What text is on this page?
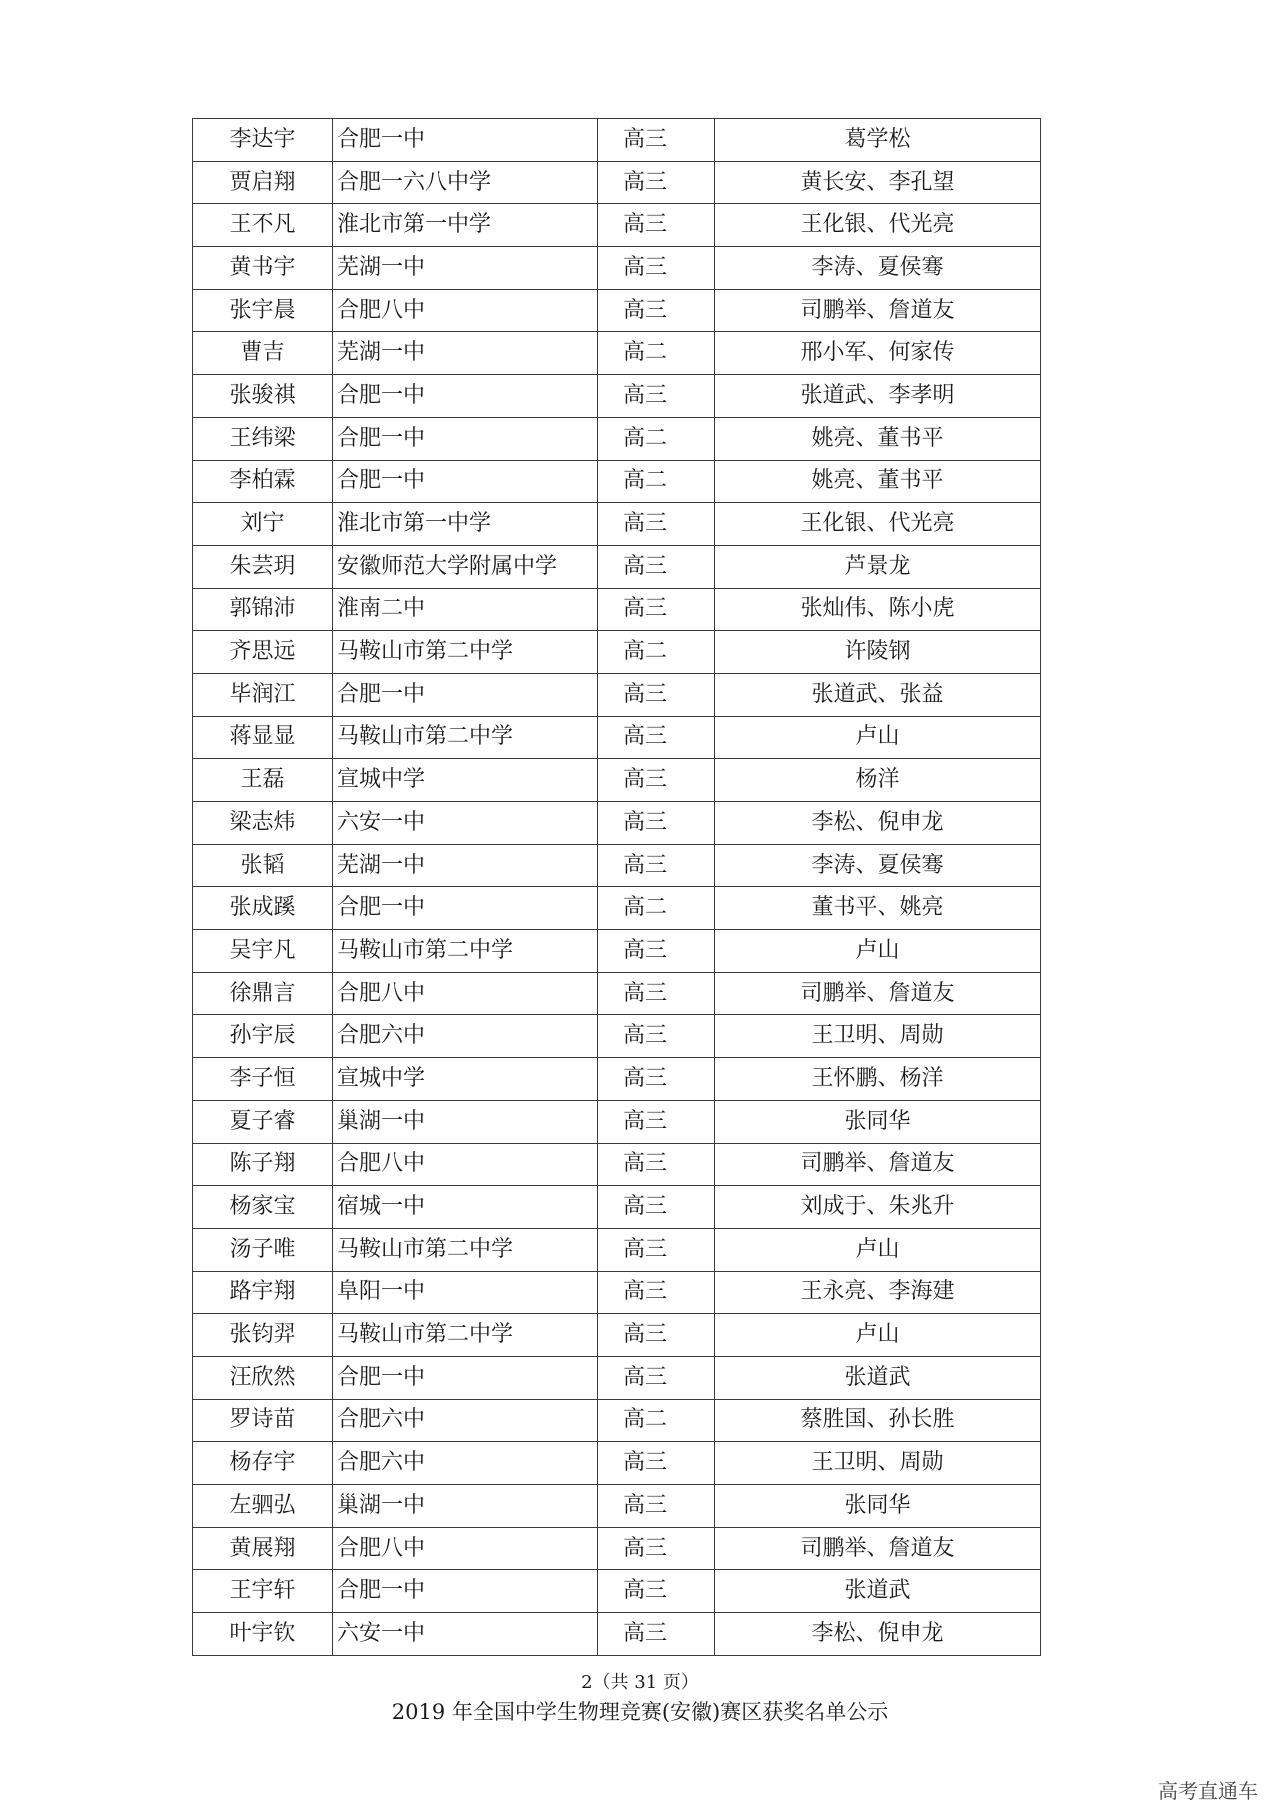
李达宇	合肥一中	高三	葛学松
贾启翔	合肥一六八中学	高三	黄长安、李孔望
王不凡	淮北市第一中学	高三	王化银、代光亮
黄书宇	芜湖一中	高三	李涛、夏侯骞
张宇晨	合肥八中	高三	司鹏举、詹道友
曹吉	芜湖一中	高二	邢小军、何家传
张骏祺	合肥一中	高三	张道武、李孝明
王纬梁	合肥一中	高二	姚亮、董书平
李柏霖	合肥一中	高二	姚亮、董书平
刘宁	淮北市第一中学	高三	王化银、代光亮
朱芸玥	安徽师范大学附属中学	高三	芦景龙
郭锦沛	淮南二中	高三	张灿伟、陈小虎
齐思远	马鞍山市第二中学	高二	许陵钢
毕润江	合肥一中	高三	张道武、张益
蒋显显	马鞍山市第二中学	高三	卢山
王磊	宣城中学	高三	杨洋
梁志炜	六安一中	高三	李松、倪申龙
张韬	芜湖一中	高三	李涛、夏侯骞
张成蹊	合肥一中	高二	董书平、姚亮
吴宇凡	马鞍山市第二中学	高三	卢山
徐鼎言	合肥八中	高三	司鹏举、詹道友
孙宇辰	合肥六中	高三	王卫明、周勋
李子恒	宣城中学	高三	王怀鹏、杨洋
夏子睿	巢湖一中	高三	张同华
陈子翔	合肥八中	高三	司鹏举、詹道友
杨家宝	宿城一中	高三	刘成于、朱兆升
汤子唯	马鞍山市第二中学	高三	卢山
路宇翔	阜阳一中	高三	王永亮、李海建
张钧羿	马鞍山市第二中学	高三	卢山
汪欣然	合肥一中	高三	张道武
罗诗苗	合肥六中	高二	蔡胜国、孙长胜
杨存宇	合肥六中	高三	王卫明、周勋
左驷弘	巢湖一中	高三	张同华
黄展翔	合肥八中	高三	司鹏举、詹道友
王宇轩	合肥一中	高三	张道武
叶宇钦	六安一中	高三	李松、倪申龙
2（共 31 页）
2019 年全国中学生物理竞赛(安徽)赛区获奖名单公示
高考直通车
